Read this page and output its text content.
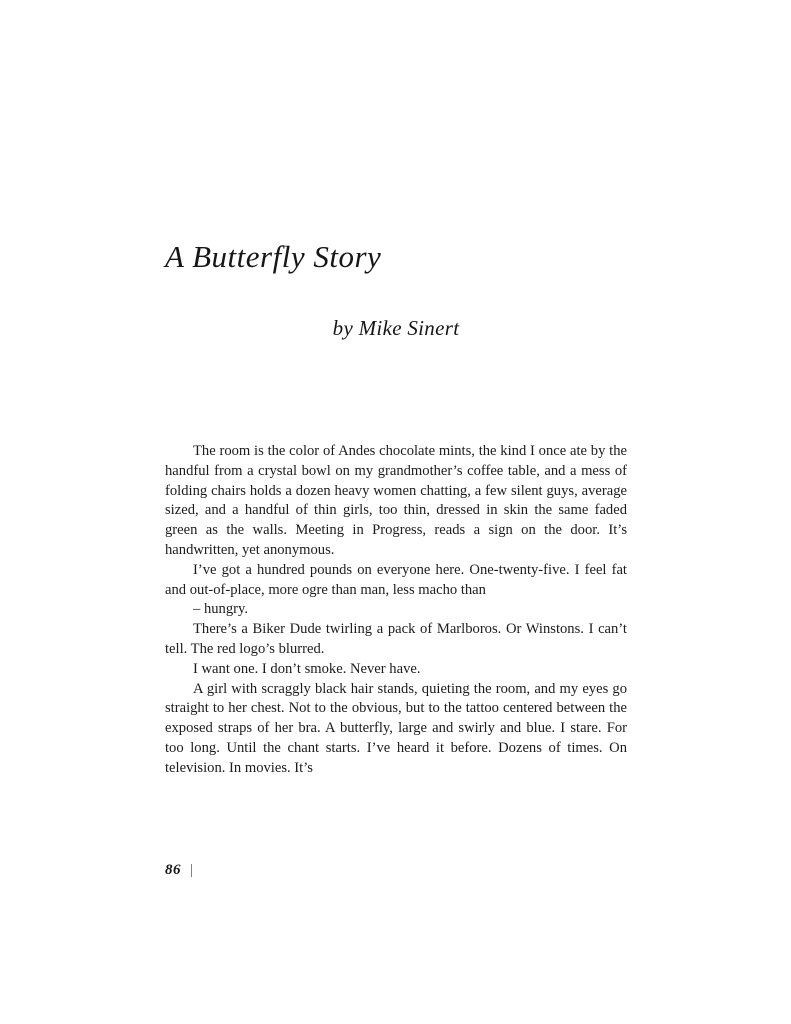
A Butterfly Story
by Mike Sinert

The room is the color of Andes chocolate mints, the kind I once ate by the handful from a crystal bowl on my grandmother’s coffee table, and a mess of folding chairs holds a dozen heavy women chatting, a few silent guys, average sized, and a handful of thin girls, too thin, dressed in skin the same faded green as the walls. Meeting in Progress, reads a sign on the door. It’s handwritten, yet anonymous.

I’ve got a hundred pounds on everyone here. One-twenty-five. I feel fat and out-of-place, more ogre than man, less macho than

– hungry.

There’s a Biker Dude twirling a pack of Marlboros. Or Winstons. I can’t tell. The red logo’s blurred.

I want one. I don’t smoke. Never have.

A girl with scraggly black hair stands, quieting the room, and my eyes go straight to her chest. Not to the obvious, but to the tattoo centered between the exposed straps of her bra. A butterfly, large and swirly and blue. I stare. For too long. Until the chant starts. I’ve heard it before. Dozens of times. On television. In movies. It’s

86 |
